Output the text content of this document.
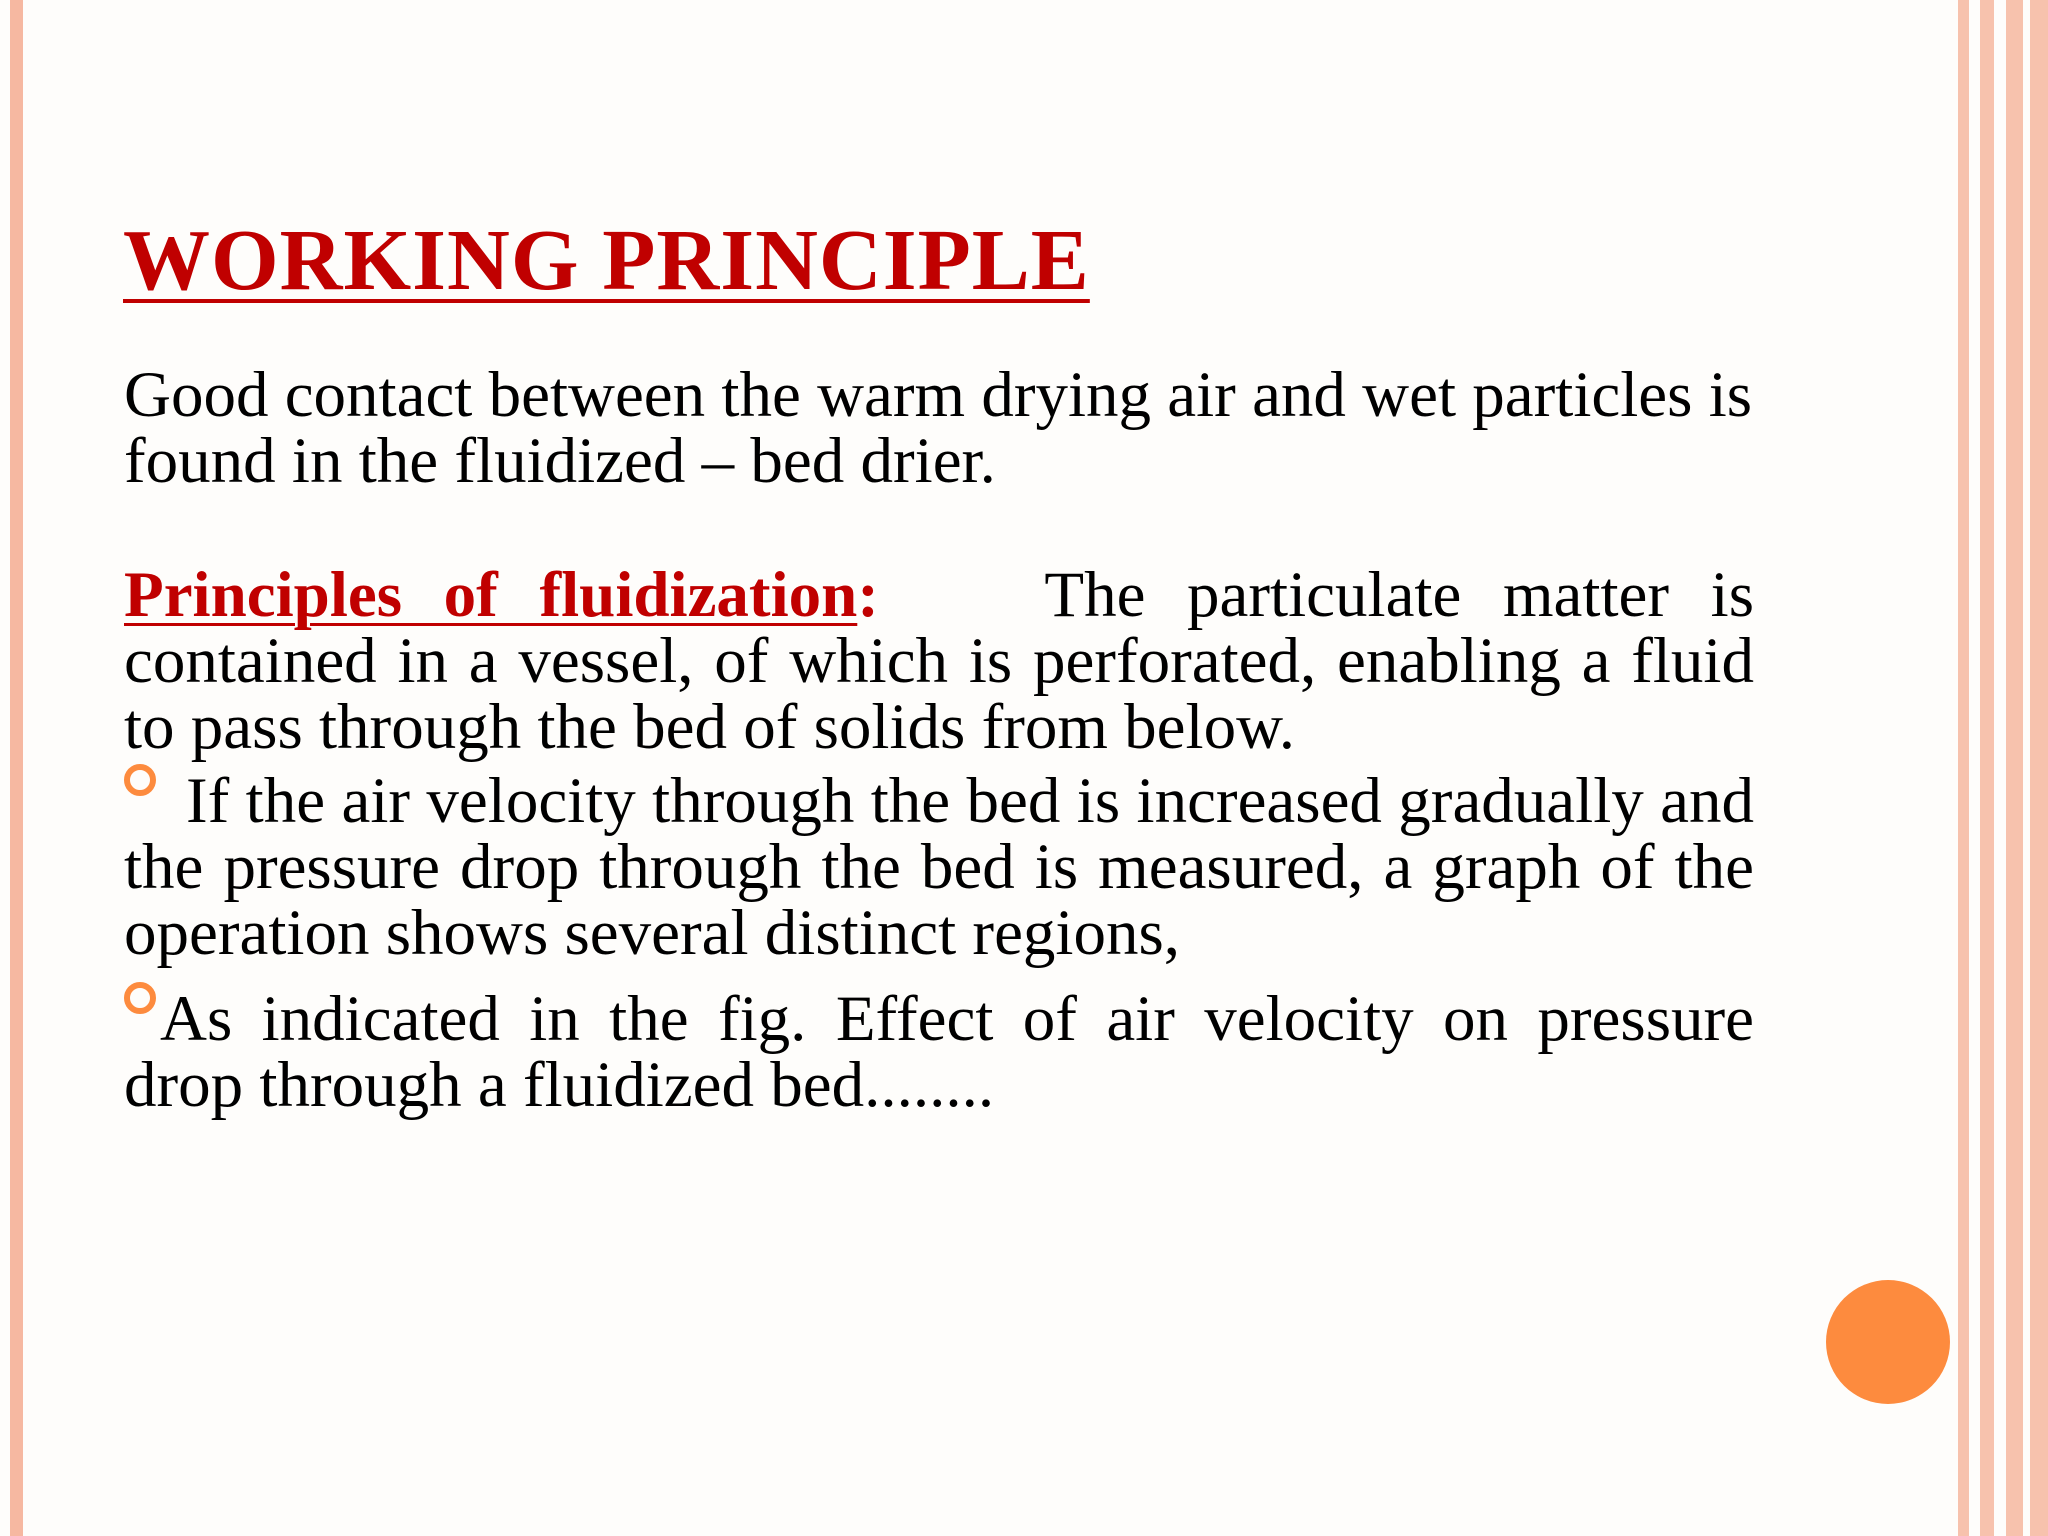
WORKING PRINCIPLE

Good contact between the warm drying air and wet particles is found in the fluidized – bed drier.

Principles of fluidization:	The particulate matter is contained in a vessel, of which is perforated, enabling a fluid to pass through the bed of solids from below.

If the air velocity through the bed is increased gradually and the pressure drop through the bed is measured, a graph of the operation shows several distinct regions,

As indicated in the fig. Effect of air velocity on pressure drop through a fluidized bed........
